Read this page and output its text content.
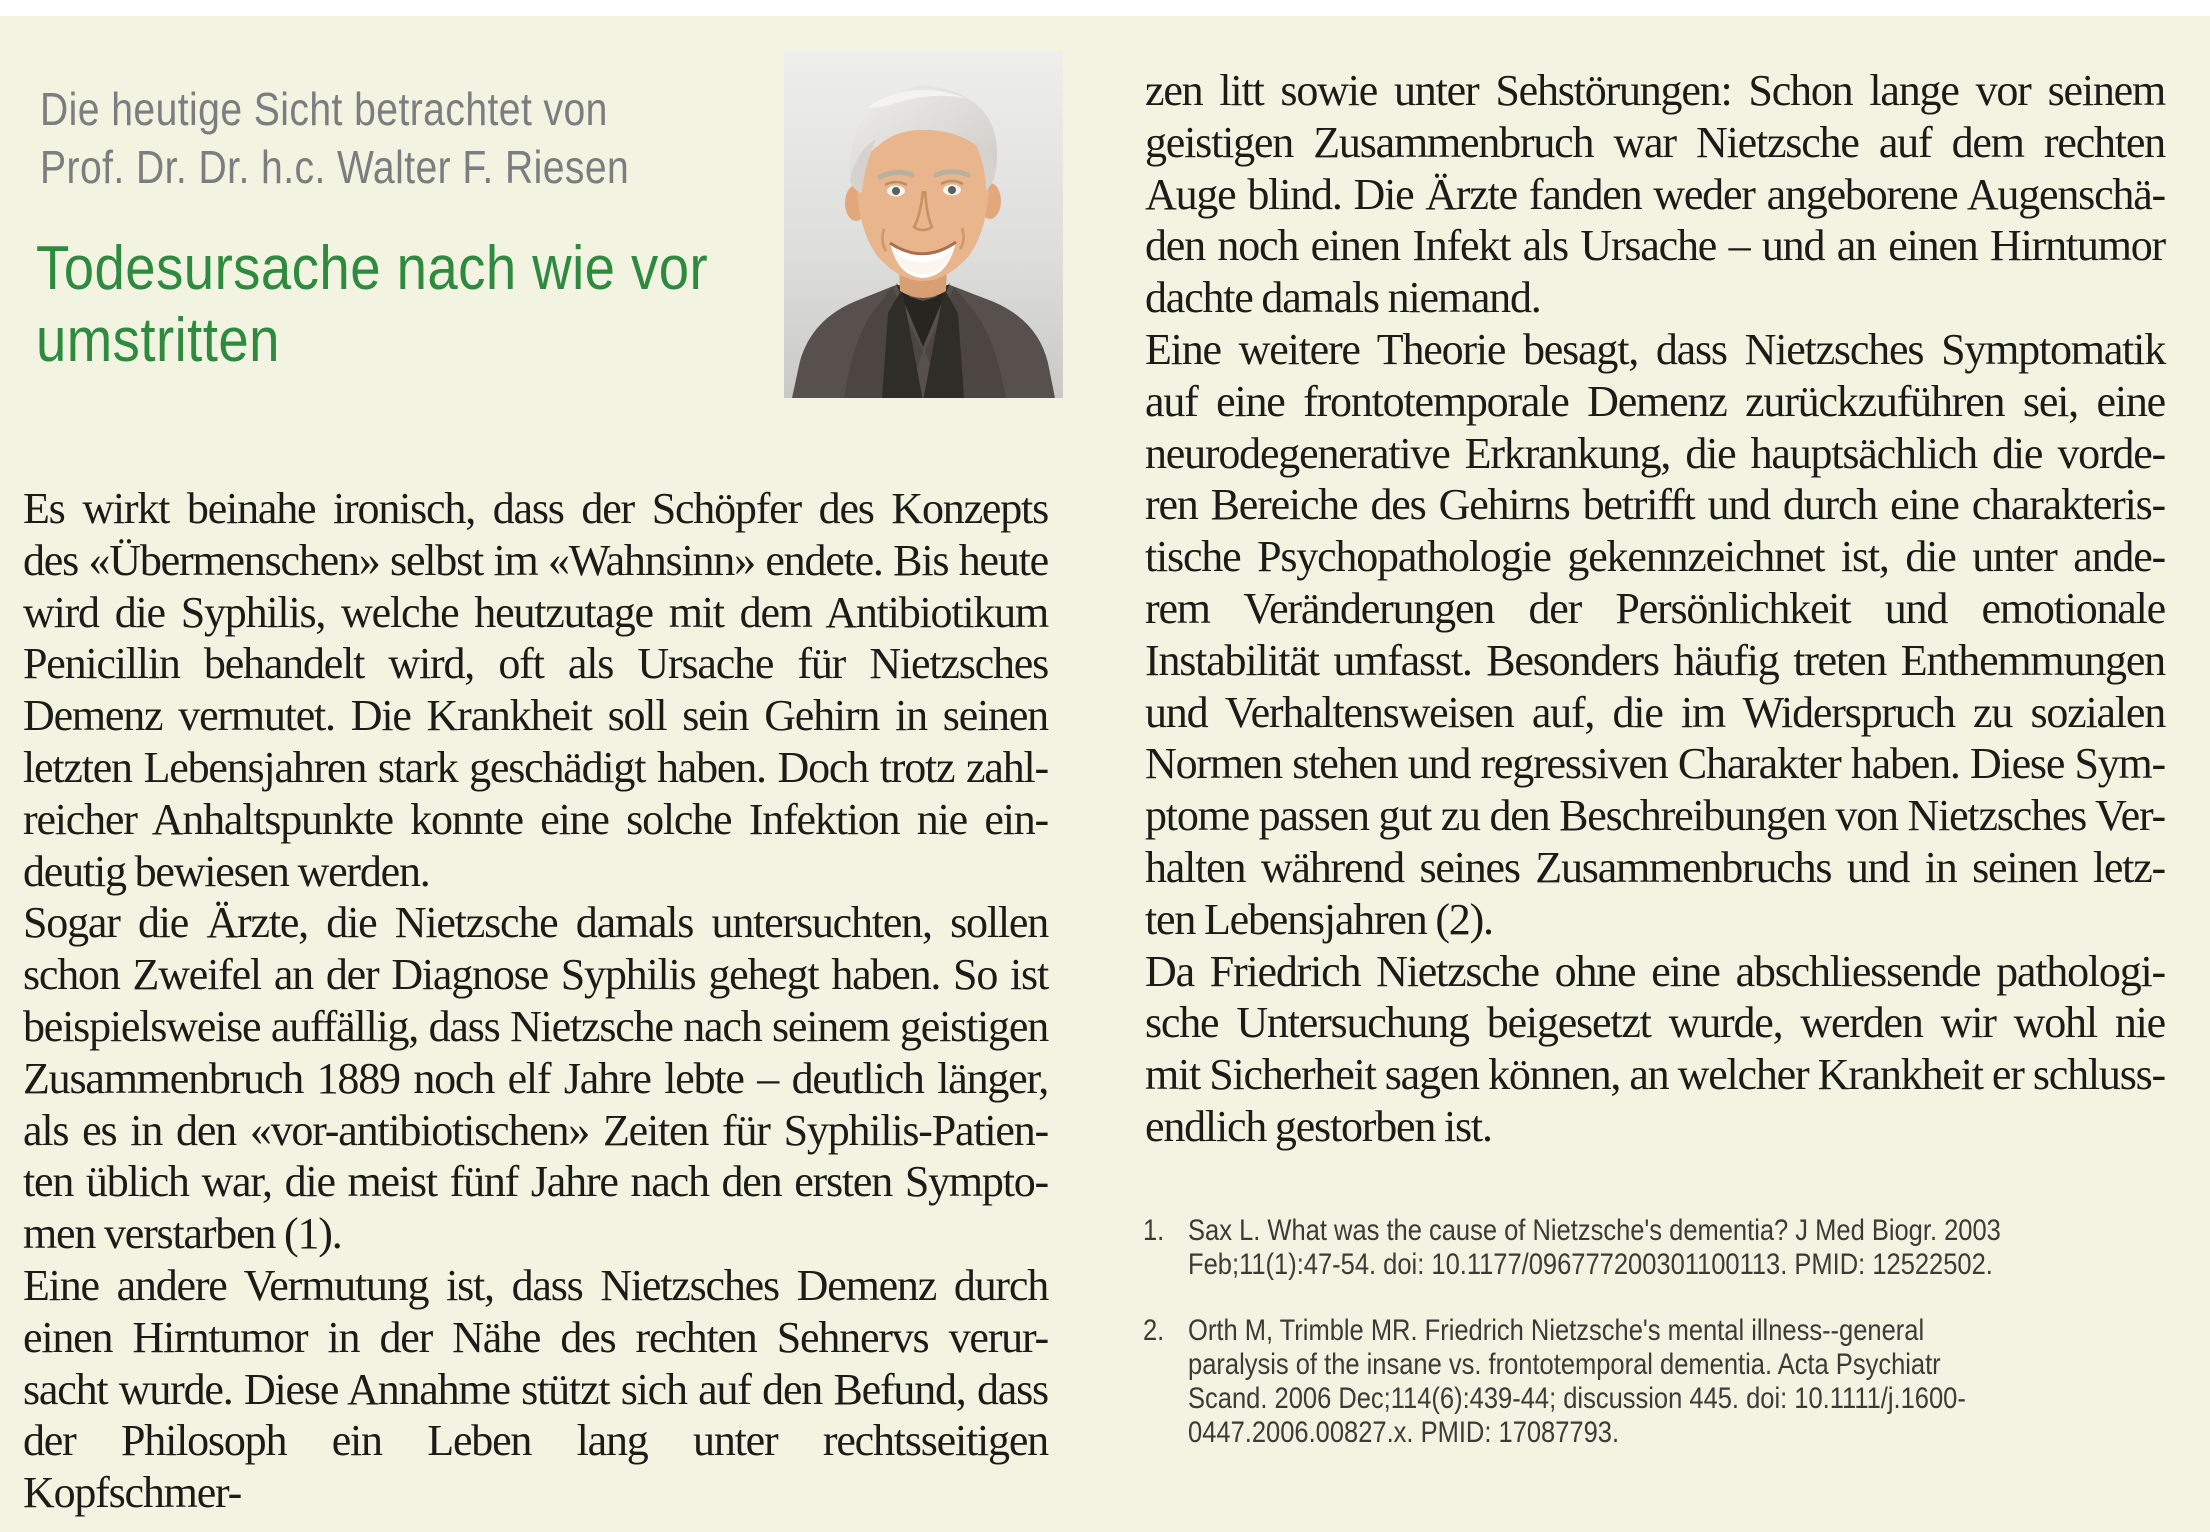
Die heutige Sicht betrachtet von
Prof. Dr. Dr. h.c. Walter F. Riesen
Todesursache nach wie vor
umstritten
Es wirkt beinahe ironisch, dass der Schöpfer des Konzepts
des «Übermenschen» selbst im «Wahnsinn» endete. Bis heute
wird die Syphilis, welche heutzutage mit dem Antibiotikum
Penicillin behandelt wird, oft als Ursache für Nietzsches
Demenz vermutet. Die Krankheit soll sein Gehirn in seinen
letzten Lebensjahren stark geschädigt haben. Doch trotz zahl-
reicher Anhaltspunkte konnte eine solche Infektion nie ein-
deutig bewiesen werden.
Sogar die Ärzte, die Nietzsche damals untersuchten, sollen
schon Zweifel an der Diagnose Syphilis gehegt haben. So ist
beispielsweise auffällig, dass Nietzsche nach seinem geistigen
Zusammenbruch 1889 noch elf Jahre lebte – deutlich länger,
als es in den «vor-antibiotischen» Zeiten für Syphilis-Patien-
ten üblich war, die meist fünf Jahre nach den ersten Sympto-
men verstarben (1).
Eine andere Vermutung ist, dass Nietzsches Demenz durch
einen Hirntumor in der Nähe des rechten Sehnervs verur-
sacht wurde. Diese Annahme stützt sich auf den Befund, dass
der Philosoph ein Leben lang unter rechtsseitigen Kopfschmer-
zen litt sowie unter Sehstörungen: Schon lange vor seinem
geistigen Zusammenbruch war Nietzsche auf dem rechten
Auge blind. Die Ärzte fanden weder angeborene Augenschä-
den noch einen Infekt als Ursache – und an einen Hirntumor
dachte damals niemand.
Eine weitere Theorie besagt, dass Nietzsches Symptomatik
auf eine frontotemporale Demenz zurückzuführen sei, eine
neurodegenerative Erkrankung, die hauptsächlich die vorde-
ren Bereiche des Gehirns betrifft und durch eine charakteris-
tische Psychopathologie gekennzeichnet ist, die unter ande-
rem Veränderungen der Persönlichkeit und emotionale
Instabilität umfasst. Besonders häufig treten Enthemmungen
und Verhaltensweisen auf, die im Widerspruch zu sozialen
Normen stehen und regressiven Charakter haben. Diese Sym-
ptome passen gut zu den Beschreibungen von Nietzsches Ver-
halten während seines Zusammenbruchs und in seinen letz-
ten Lebensjahren (2).
Da Friedrich Nietzsche ohne eine abschliessende pathologi-
sche Untersuchung beigesetzt wurde, werden wir wohl nie
mit Sicherheit sagen können, an welcher Krankheit er schluss-
endlich gestorben ist.
1. Sax L. What was the cause of Nietzsche's dementia? J Med Biogr. 2003
Feb;11(1):47-54. doi: 10.1177/096777200301100113. PMID: 12522502.
2. Orth M, Trimble MR. Friedrich Nietzsche's mental illness--general
paralysis of the insane vs. frontotemporal dementia. Acta Psychiatr
Scand. 2006 Dec;114(6):439-44; discussion 445. doi: 10.1111/j.1600-
0447.2006.00827.x. PMID: 17087793.
